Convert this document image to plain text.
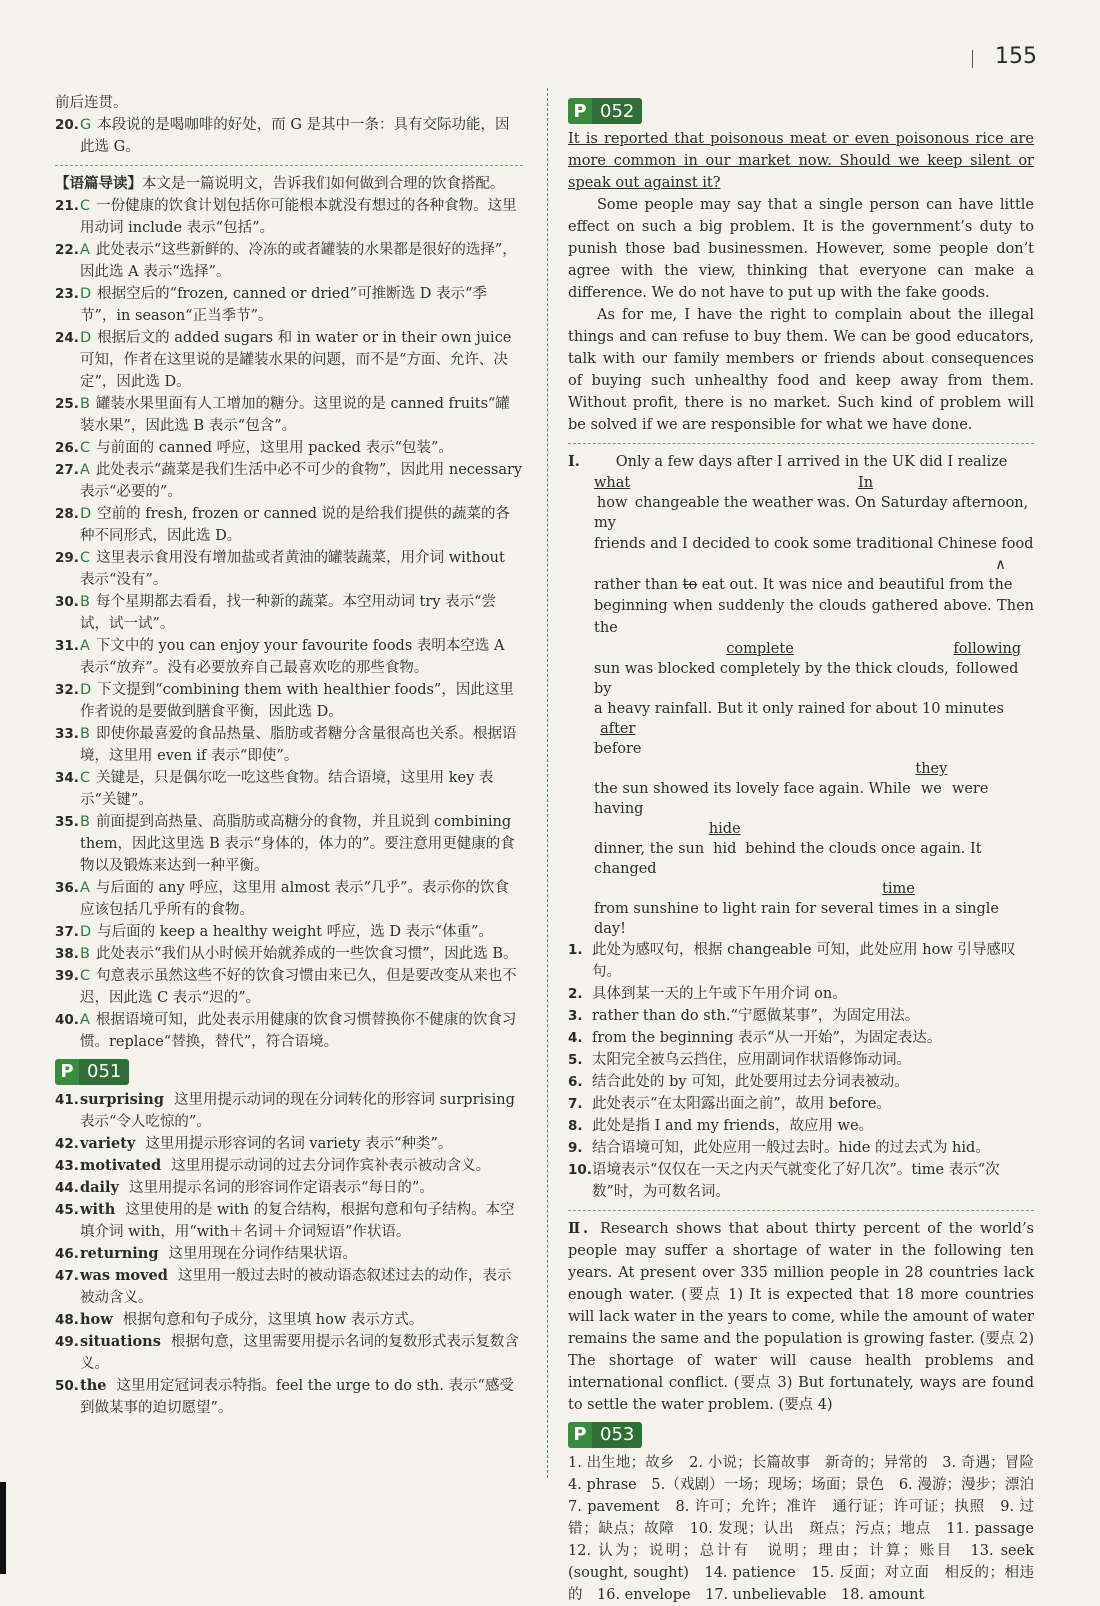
155

前后连贯。

20. G 本段说的是喝咖啡的好处，而 G 是其中一条：具有交际功能，因此选 G。

【语篇导读】本文是一篇说明文，告诉我们如何做到合理的饮食搭配。

21. C 一份健康的饮食计划包括你可能根本就没有想过的各种食物。这里用动词 include 表示“包括”。
22. A 此处表示“这些新鲜的、冷冻的或者罐装的水果都是很好的选择”，因此选 A 表示“选择”。
23. D 根据空后的“frozen, canned or dried”可推断选 D 表示“季节”，in season“正当季节”。
24. D 根据后文的 added sugars 和 in water or in their own juice 可知，作者在这里说的是罐装水果的问题，而不是“方面、允许、决定”，因此选 D。
25. B 罐装水果里面有人工增加的糖分。这里说的是 canned fruits“罐装水果”，因此选 B 表示“包含”。
26. C 与前面的 canned 呼应，这里用 packed 表示“包装”。
27. A 此处表示“蔬菜是我们生活中必不可少的食物”，因此用 necessary 表示“必要的”。
28. D 空前的 fresh, frozen or canned 说的是给我们提供的蔬菜的各种不同形式，因此选 D。
29. C 这里表示食用没有增加盐或者黄油的罐装蔬菜，用介词 without 表示“没有”。
30. B 每个星期都去看看，找一种新的蔬菜。本空用动词 try 表示“尝试，试一试”。
31. A 下文中的 you can enjoy your favourite foods 表明本空选 A 表示“放弃”。没有必要放弃自己最喜欢吃的那些食物。
32. D 下文提到“combining them with healthier foods”，因此这里作者说的是要做到膳食平衡，因此选 D。
33. B 即使你最喜爱的食品热量、脂肪或者糖分含量很高也关系。根据语境，这里用 even if 表示“即使”。
34. C 关键是，只是偶尔吃一吃这些食物。结合语境，这里用 key 表示“关键”。
35. B 前面提到高热量、高脂肪或高糖分的食物，并且说到 combining them，因此这里选 B 表示“身体的，体力的”。要注意用更健康的食物以及锻炼来达到一种平衡。
36. A 与后面的 any 呼应，这里用 almost 表示“几乎”。表示你的饮食应该包括几乎所有的食物。
37. D 与后面的 keep a healthy weight 呼应，选 D 表示“体重”。
38. B 此处表示“我们从小时候开始就养成的一些饮食习惯”，因此选 B。
39. C 句意表示虽然这些不好的饮食习惯由来已久，但是要改变从来也不迟，因此选 C 表示“迟的”。
40. A 根据语境可知，此处表示用健康的饮食习惯替换你不健康的饮食习惯。replace“替换，替代”，符合语境。
P 051
41. surprising 这里用提示动词的现在分词转化的形容词 surprising 表示“令人吃惊的”。
42. variety 这里用提示形容词的名词 variety 表示“种类”。
43. motivated 这里用提示动词的过去分词作宾补表示被动含义。
44. daily 这里用提示名词的形容词作定语表示“每日的”。
45. with 这里使用的是 with 的复合结构，根据句意和句子结构。本空填介词 with，用“with＋名词＋介词短语”作状语。
46. returning 这里用现在分词作结果状语。
47. was moved 这里用一般过去时的被动语态叙述过去的动作，表示被动含义。
48. how 根据句意和句子成分，这里填 how 表示方式。
49. situations 根据句意，这里需要用提示名词的复数形式表示复数含义。
50. the 这里用定冠词表示特指。feel the urge to do sth. 表示“感受到做某事的迫切愿望”。
P 052

It is reported that poisonous meat or even poisonous rice are more common in our market now. Should we keep silent or speak out against it?

Some people may say that a single person can have little effect on such a big problem. It is the government’s duty to punish those bad businessmen. However, some people don’t agree with the view, thinking that everyone can make a difference. We do not have to put up with the fake goods.

As for me, I have the right to complain about the illegal things and can refuse to buy them. We can be good educators, talk with our family members or friends about consequences of buying such unhealthy food and keep away from them. Without profit, there is no market. Such kind of problem will be solved if we are responsible for what we have done.

Ⅰ.	Only a few days after I arrived in the UK did I realize

what
how changeable the weather was. $\frac{In}{On}$ Saturday afternoon, my

friends and I decided to cook some traditional Chinese food

rather than to eat out. It was nice and beautiful from ∧
the

beginning when suddenly the clouds gathered above. Then the

sun was blocked complete
completely by the thick clouds, following
followed by
a heavy rainfall. But it only rained for about 10 minutes after
before
the sun showed its lovely face again. While they
we were having
dinner, the sun hide
hid behind the clouds once again. It changed
from sunshine to light rain for several time
times in a single day!
1. 此处为感叹句，根据 changeable 可知，此处应用 how 引导感叹句。
2. 具体到某一天的上午或下午用介词 on。
3. rather than do sth.“宁愿做某事”，为固定用法。
4. from the beginning 表示“从一开始”，为固定表达。
5. 太阳完全被乌云挡住，应用副词作状语修饰动词。
6. 结合此处的 by 可知，此处要用过去分词表被动。
7. 此处表示“在太阳露出面之前”，故用 before。
8. 此处是指 I and my friends，故应用 we。
9. 结合语境可知，此处应用一般过去时。hide 的过去式为 hid。
10. 语境表示“仅仅在一天之内天气就变化了好几次”。time 表示“次数”时，为可数名词。

Ⅱ. Research shows that about thirty percent of the world’s people may suffer a shortage of water in the following ten years. At present over 335 million people in 28 countries lack enough water. (要点 1) It is expected that 18 more countries will lack water in the years to come, while the amount of water remains the same and the population is growing faster. (要点 2) The shortage of water will cause health problems and international conflict. (要点 3) But fortunately, ways are found to settle the water problem. (要点 4)

P 053

1. 出生地；故乡　2. 小说；长篇故事　新奇的；异常的　3. 奇遇；冒险　4. phrase　5.（戏剧）一场；现场；场面；景色　6. 漫游；漫步；漂泊　7. pavement　8. 许可；允许；准许　通行证；许可证；执照　9. 过错；缺点；故障　10. 发现；认出　斑点；污点；地点　11. passage　12. 认为；说明；总计有　说明；理由；计算；账目　13. seek (sought, sought)　14. patience　15. 反面；对立面　相反的；相违的　16. envelope　17. unbelievable　18. amount
